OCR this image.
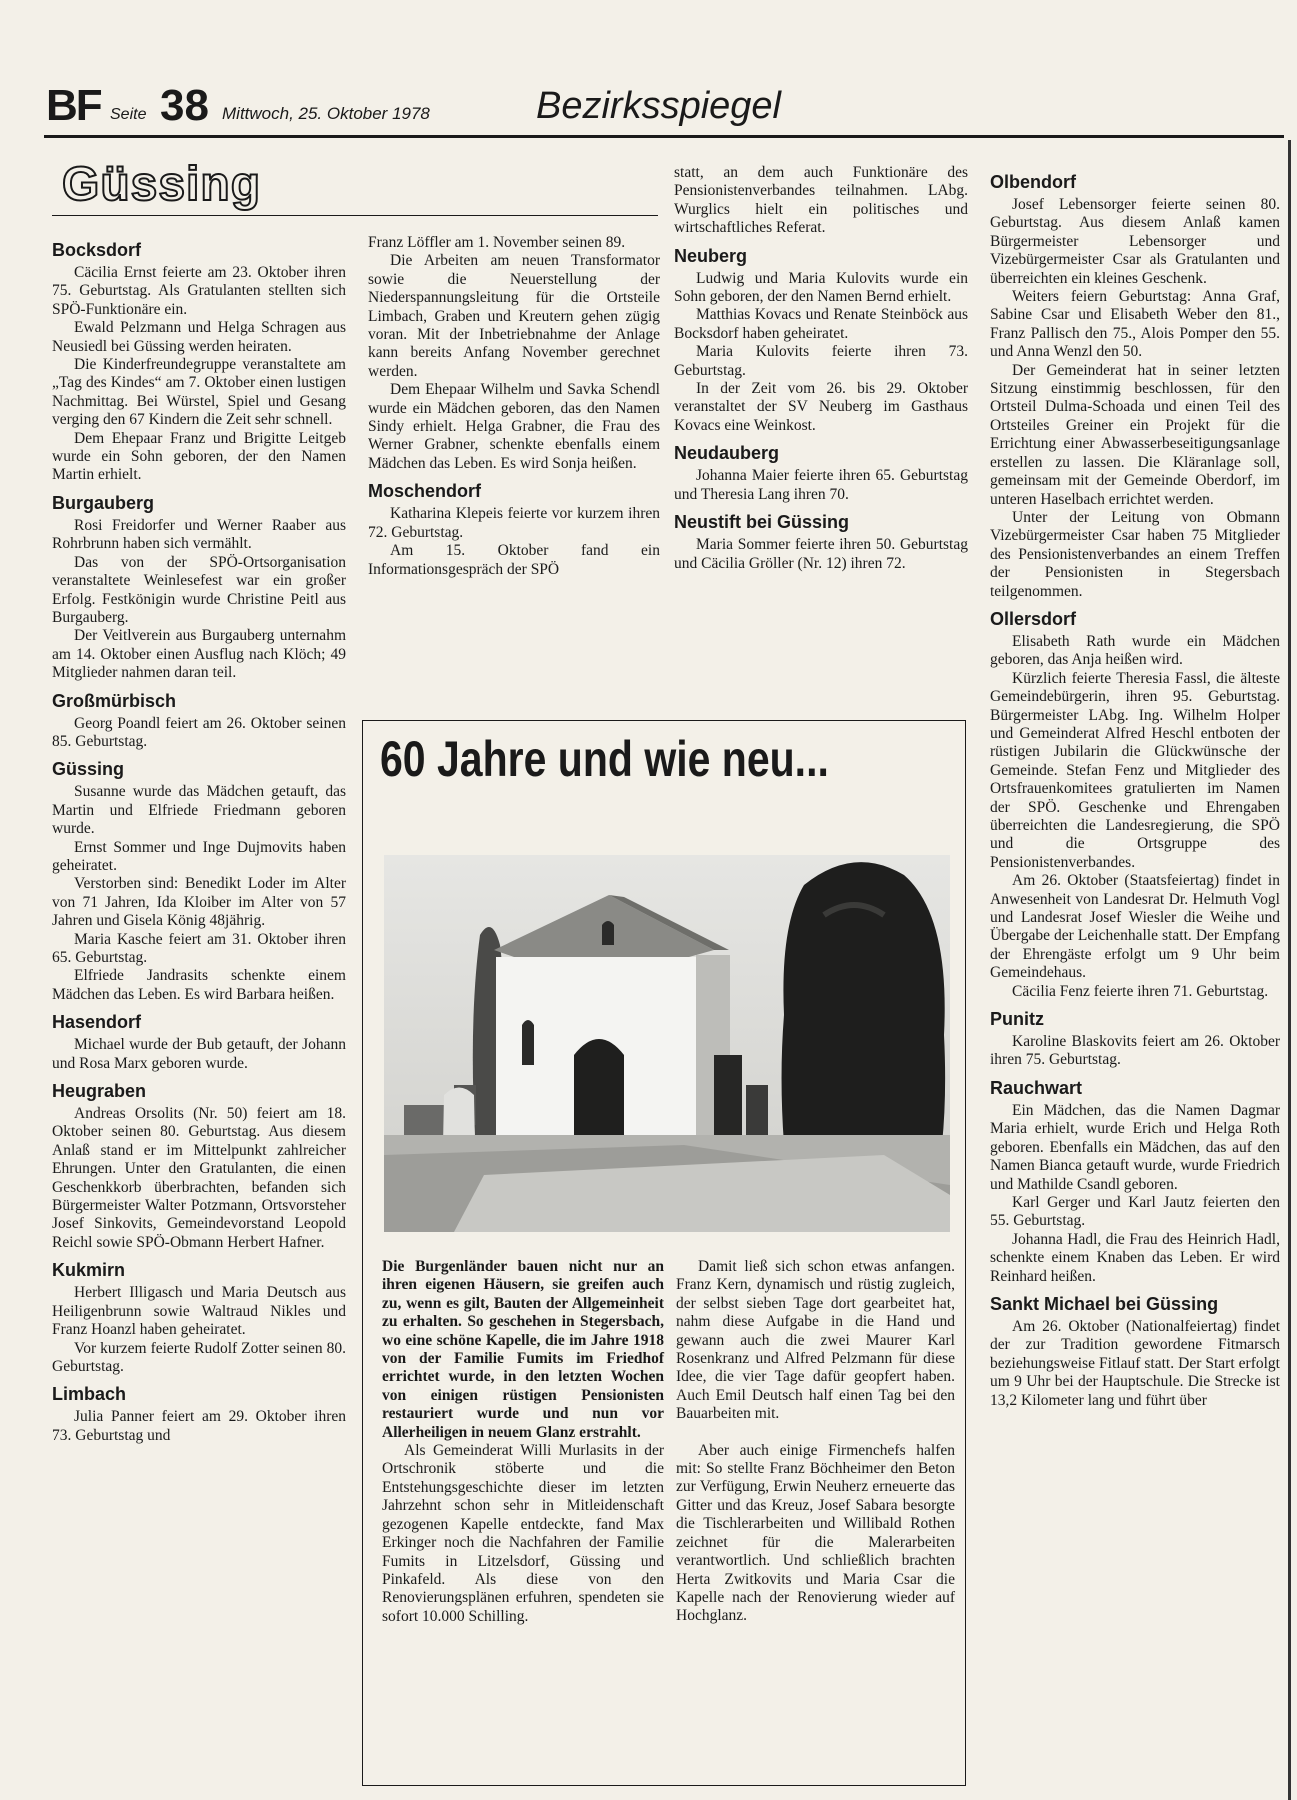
BF Seite 38 Mittwoch, 25. Oktober 1978	Bezirksspiegel
Güssing
Bocksdorf

Cäcilia Ernst feierte am 23. Oktober ihren 75. Geburtstag. Als Gratulanten stellten sich SPÖ-Funktionäre ein.

Ewald Pelzmann und Helga Schragen aus Neusiedl bei Güssing werden heiraten.

Die Kinderfreundegruppe veranstaltete am „Tag des Kindes“ am 7. Oktober einen lustigen Nachmittag. Bei Würstel, Spiel und Gesang verging den 67 Kindern die Zeit sehr schnell.

Dem Ehepaar Franz und Brigitte Leitgeb wurde ein Sohn geboren, der den Namen Martin erhielt.

Burgauberg

Rosi Freidorfer und Werner Raaber aus Rohrbrunn haben sich vermählt.

Das von der SPÖ-Ortsorganisation veranstaltete Weinlesefest war ein großer Erfolg. Festkönigin wurde Christine Peitl aus Burgauberg.

Der Veitlverein aus Burgauberg unternahm am 14. Oktober einen Ausflug nach Klöch; 49 Mitglieder nahmen daran teil.

Großmürbisch

Georg Poandl feiert am 26. Oktober seinen 85. Geburtstag.

Güssing

Susanne wurde das Mädchen getauft, das Martin und Elfriede Friedmann geboren wurde.

Ernst Sommer und Inge Dujmovits haben geheiratet.

Verstorben sind: Benedikt Loder im Alter von 71 Jahren, Ida Kloiber im Alter von 57 Jahren und Gisela König 48jährig.

Maria Kasche feiert am 31. Oktober ihren 65. Geburtstag.

Elfriede Jandrasits schenkte einem Mädchen das Leben. Es wird Barbara heißen.

Hasendorf

Michael wurde der Bub getauft, der Johann und Rosa Marx geboren wurde.

Heugraben

Andreas Orsolits (Nr. 50) feiert am 18. Oktober seinen 80. Geburtstag. Aus diesem Anlaß stand er im Mittelpunkt zahlreicher Ehrungen. Unter den Gratulanten, die einen Geschenkkorb überbrachten, befanden sich Bürgermeister Walter Potzmann, Ortsvorsteher Josef Sinkovits, Gemeindevorstand Leopold Reichl sowie SPÖ-Obmann Herbert Hafner.

Kukmirn

Herbert Illigasch und Maria Deutsch aus Heiligenbrunn sowie Waltraud Nikles und Franz Hoanzl haben geheiratet.

Vor kurzem feierte Rudolf Zotter seinen 80. Geburtstag.

Limbach

Julia Panner feiert am 29. Oktober ihren 73. Geburtstag und

Franz Löffler am 1. November seinen 89.

Die Arbeiten am neuen Transformator sowie die Neuerstellung der Niederspannungsleitung für die Ortsteile Limbach, Graben und Kreutern gehen zügig voran. Mit der Inbetriebnahme der Anlage kann bereits Anfang November gerechnet werden.

Dem Ehepaar Wilhelm und Savka Schendl wurde ein Mädchen geboren, das den Namen Sindy erhielt. Helga Grabner, die Frau des Werner Grabner, schenkte ebenfalls einem Mädchen das Leben. Es wird Sonja heißen.

Moschendorf

Katharina Klepeis feierte vor kurzem ihren 72. Geburtstag.

Am 15. Oktober fand ein Informationsgespräch der SPÖ

statt, an dem auch Funktionäre des Pensionistenverbandes teilnahmen. LAbg. Wurglics hielt ein politisches und wirtschaftliches Referat.

Neuberg

Ludwig und Maria Kulovits wurde ein Sohn geboren, der den Namen Bernd erhielt.

Matthias Kovacs und Renate Steinböck aus Bocksdorf haben geheiratet.

Maria Kulovits feierte ihren 73. Geburtstag.

In der Zeit vom 26. bis 29. Oktober veranstaltet der SV Neuberg im Gasthaus Kovacs eine Weinkost.

Neudauberg

Johanna Maier feierte ihren 65. Geburtstag und Theresia Lang ihren 70.

Neustift bei Güssing

Maria Sommer feierte ihren 50. Geburtstag und Cäcilia Gröller (Nr. 12) ihren 72.

Olbendorf

Josef Lebensorger feierte seinen 80. Geburtstag. Aus diesem Anlaß kamen Bürgermeister Lebensorger und Vizebürgermeister Csar als Gratulanten und überreichten ein kleines Geschenk.

Weiters feiern Geburtstag: Anna Graf, Sabine Csar und Elisabeth Weber den 81., Franz Pallisch den 75., Alois Pomper den 55. und Anna Wenzl den 50.

Der Gemeinderat hat in seiner letzten Sitzung einstimmig beschlossen, für den Ortsteil Dulma-Schoada und einen Teil des Ortsteiles Greiner ein Projekt für die Errichtung einer Abwasserbeseitigungsanlage erstellen zu lassen. Die Kläranlage soll, gemeinsam mit der Gemeinde Oberdorf, im unteren Haselbach errichtet werden.

Unter der Leitung von Obmann Vizebürgermeister Csar haben 75 Mitglieder des Pensionistenverbandes an einem Treffen der Pensionisten in Stegersbach teilgenommen.

Ollersdorf

Elisabeth Rath wurde ein Mädchen geboren, das Anja heißen wird.

Kürzlich feierte Theresia Fassl, die älteste Gemeindebürgerin, ihren 95. Geburtstag. Bürgermeister LAbg. Ing. Wilhelm Holper und Gemeinderat Alfred Heschl entboten der rüstigen Jubilarin die Glückwünsche der Gemeinde. Stefan Fenz und Mitglieder des Ortsfrauenkomitees gratulierten im Namen der SPÖ. Geschenke und Ehrengaben überreichten die Landesregierung, die SPÖ und die Ortsgruppe des Pensionistenverbandes.

Am 26. Oktober (Staatsfeiertag) findet in Anwesenheit von Landesrat Dr. Helmuth Vogl und Landesrat Josef Wiesler die Weihe und Übergabe der Leichenhalle statt. Der Empfang der Ehrengäste erfolgt um 9 Uhr beim Gemeindehaus.

Cäcilia Fenz feierte ihren 71. Geburtstag.

Punitz

Karoline Blaskovits feiert am 26. Oktober ihren 75. Geburtstag.

Rauchwart

Ein Mädchen, das die Namen Dagmar Maria erhielt, wurde Erich und Helga Roth geboren. Ebenfalls ein Mädchen, das auf den Namen Bianca getauft wurde, wurde Friedrich und Mathilde Csandl geboren.

Karl Gerger und Karl Jautz feierten den 55. Geburtstag.

Johanna Hadl, die Frau des Heinrich Hadl, schenkte einem Knaben das Leben. Er wird Reinhard heißen.

Sankt Michael bei Güssing

Am 26. Oktober (Nationalfeiertag) findet der zur Tradition gewordene Fitmarsch beziehungsweise Fitlauf statt. Der Start erfolgt um 9 Uhr bei der Hauptschule. Die Strecke ist 13,2 Kilometer lang und führt über

60 Jahre und wie neu...

Die Burgenländer bauen nicht nur an ihren eigenen Häusern, sie greifen auch zu, wenn es gilt, Bauten der Allgemeinheit zu erhalten. So geschehen in Stegersbach, wo eine schöne Kapelle, die im Jahre 1918 von der Familie Fumits im Friedhof errichtet wurde, in den letzten Wochen von einigen rüstigen Pensionisten restauriert wurde und nun vor Allerheiligen in neuem Glanz erstrahlt.

Als Gemeinderat Willi Murlasits in der Ortschronik stöberte und die Entstehungsgeschichte dieser im letzten Jahrzehnt schon sehr in Mitleidenschaft gezogenen Kapelle entdeckte, fand Max Erkinger noch die Nachfahren der Familie Fumits in Litzelsdorf, Güssing und Pinkafeld. Als diese von den Renovierungsplänen erfuhren, spendeten sie sofort 10.000 Schilling.

Damit ließ sich schon etwas anfangen. Franz Kern, dynamisch und rüstig zugleich, der selbst sieben Tage dort gearbeitet hat, nahm diese Aufgabe in die Hand und gewann auch die zwei Maurer Karl Rosenkranz und Alfred Pelzmann für diese Idee, die vier Tage dafür geopfert haben. Auch Emil Deutsch half einen Tag bei den Bauarbeiten mit.

Aber auch einige Firmenchefs halfen mit: So stellte Franz Böchheimer den Beton zur Verfügung, Erwin Neuherz erneuerte das Gitter und das Kreuz, Josef Sabara besorgte die Tischlerarbeiten und Willibald Rothen zeichnet für die Malerarbeiten verantwortlich. Und schließlich brachten Herta Zwitkovits und Maria Csar die Kapelle nach der Renovierung wieder auf Hochglanz.
